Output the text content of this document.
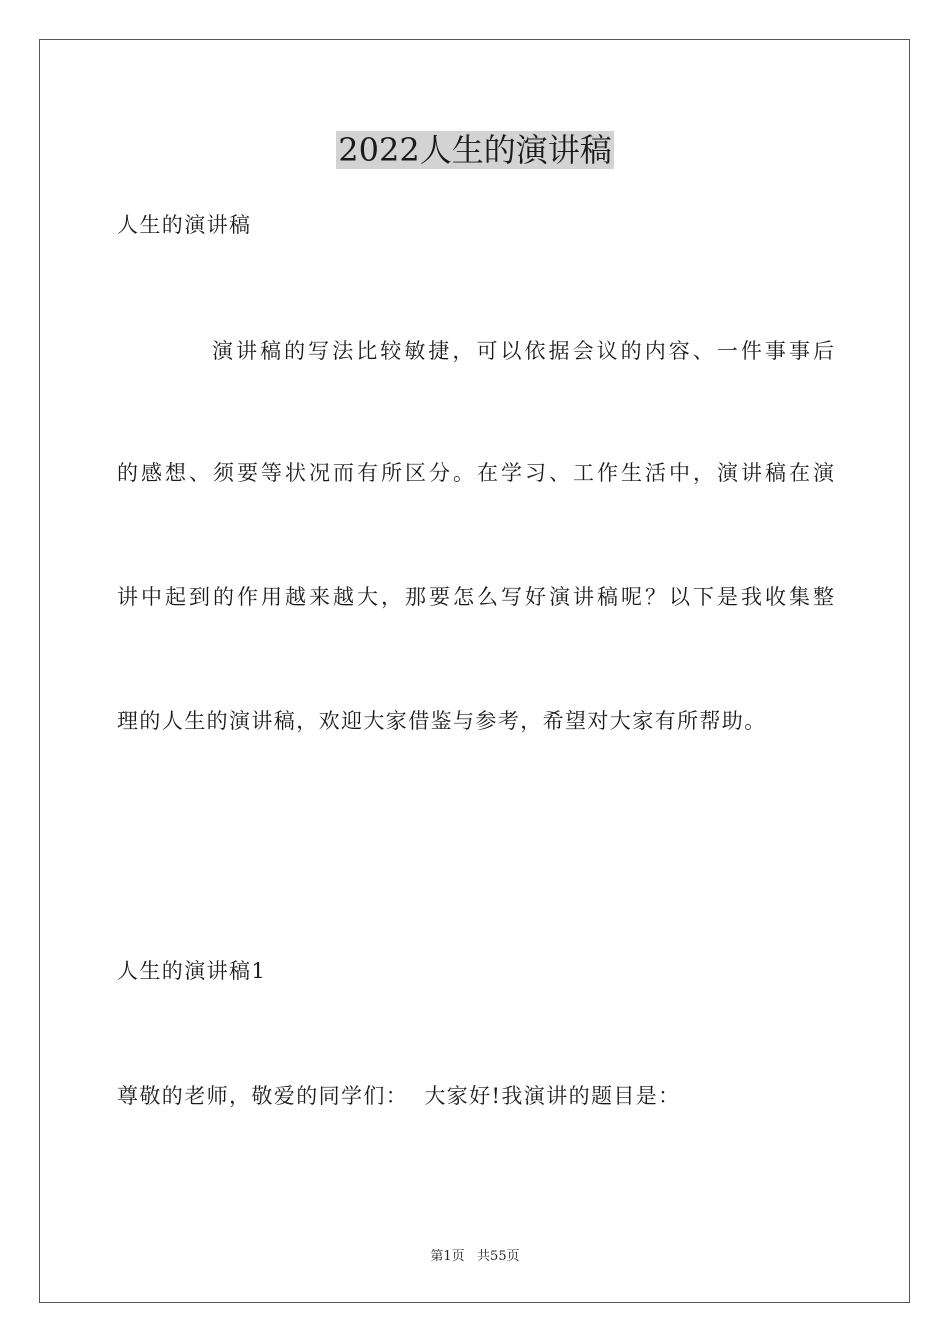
2022人生的演讲稿
人生的演讲稿
演讲稿的写法比较敏捷，可以依据会议的内容、一件事事后
的感想、须要等状况而有所区分。在学习、工作生活中，演讲稿在演
讲中起到的作用越来越大，那要怎么写好演讲稿呢？以下是我收集整
理的人生的演讲稿，欢迎大家借鉴与参考，希望对大家有所帮助。
人生的演讲稿1
尊敬的老师，敬爱的同学们：  大家好!我演讲的题目是：
第1页   共55页
